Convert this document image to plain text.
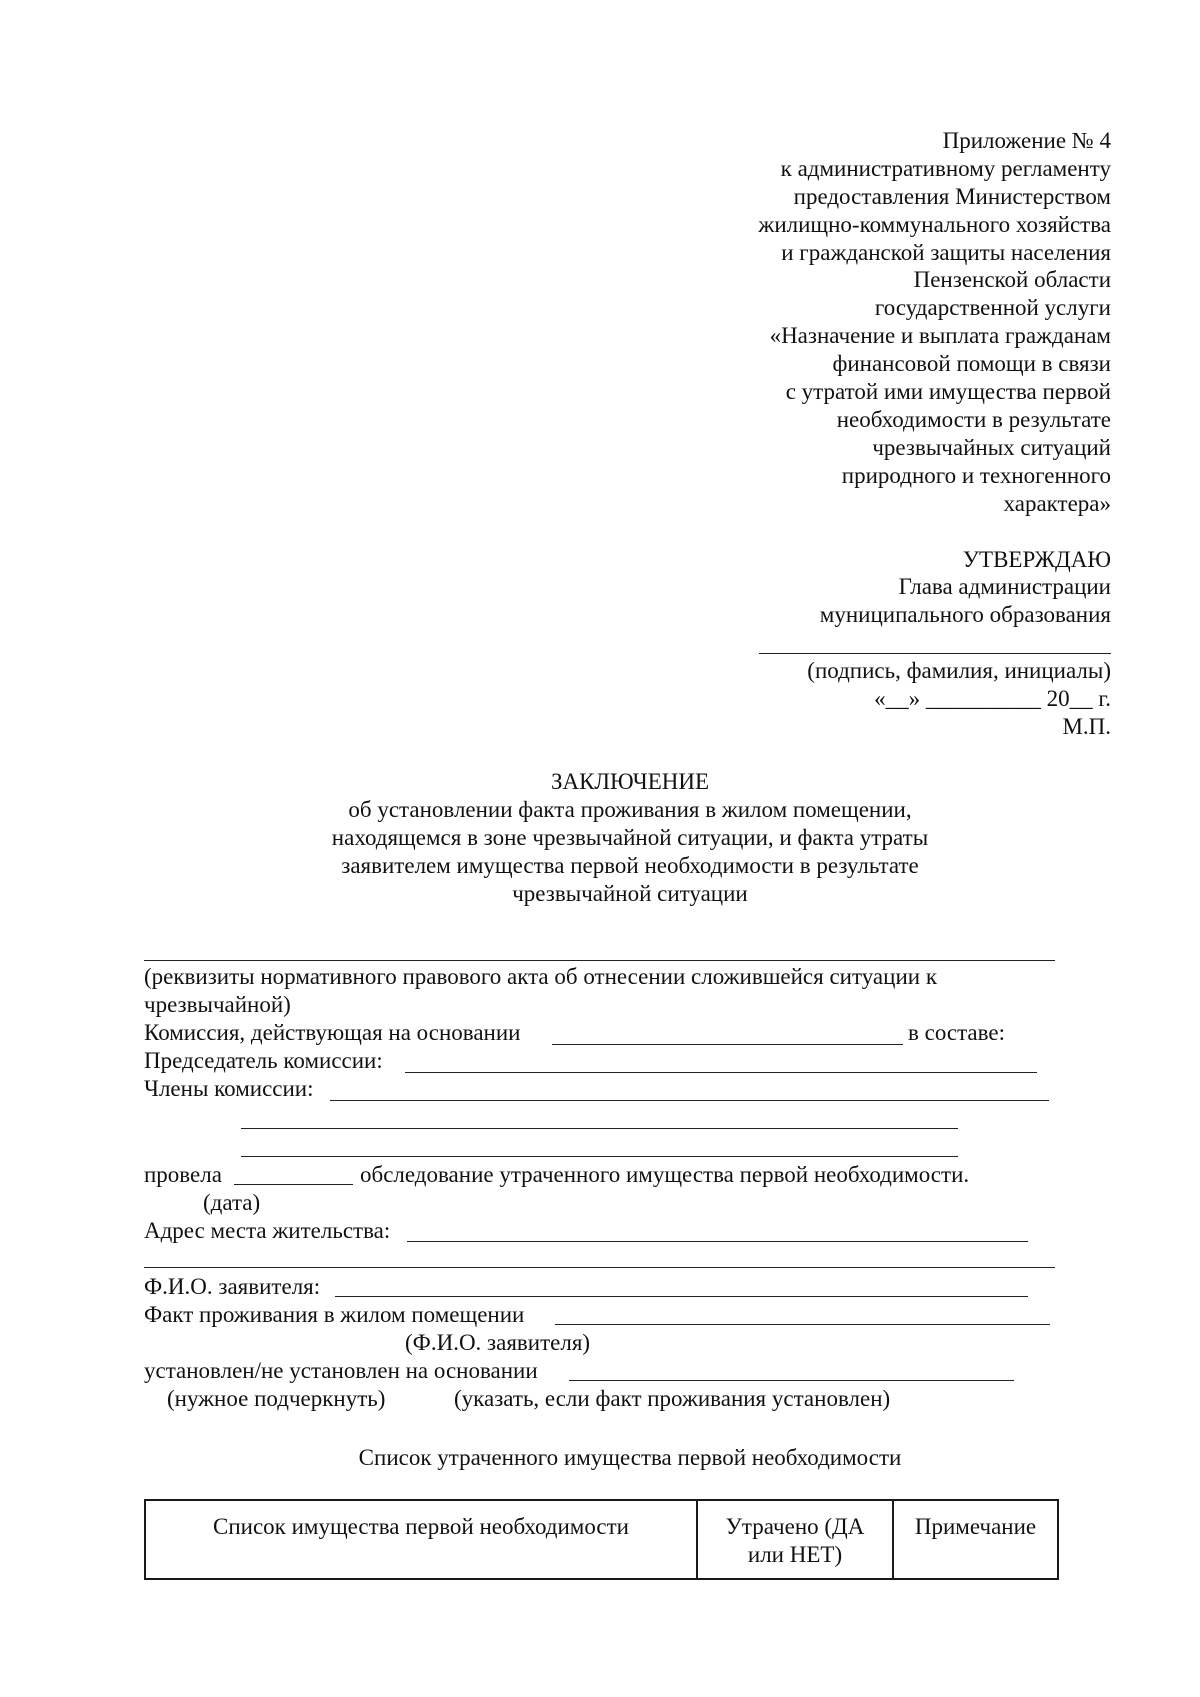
Приложение № 4
к административному регламенту
предоставления Министерством
жилищно-коммунального хозяйства
и гражданской защиты населения
Пензенской области
государственной услуги
«Назначение и выплата гражданам
финансовой помощи в связи
с утратой ими имущества первой
необходимости в результате
чрезвычайных ситуаций
природного и техногенного
характера»
УТВЕРЖДАЮ
Глава администрации
муниципального образования
(подпись, фамилия, инициалы)
«__» __________ 20__ г.
М.П.
ЗАКЛЮЧЕНИЕ
об установлении факта проживания в жилом помещении,
находящемся в зоне чрезвычайной ситуации, и факта утраты
заявителем имущества первой необходимости в результате
чрезвычайной ситуации
(реквизиты нормативного правового акта об отнесении сложившейся ситуации к
чрезвычайной)
Комиссия, действующая на основании	в составе:
Председатель комиссии:
Члены комиссии:
провела	обследование утраченного имущества первой необходимости.
(дата)
Адрес места жительства:
Ф.И.О. заявителя:
Факт проживания в жилом помещении
(Ф.И.О. заявителя)
установлен/не установлен на основании
(нужное подчеркнуть)	(указать, если факт проживания установлен)
Список утраченного имущества первой необходимости
Список имущества первой необходимости	Утрачено (ДА или НЕТ)	Примечание
